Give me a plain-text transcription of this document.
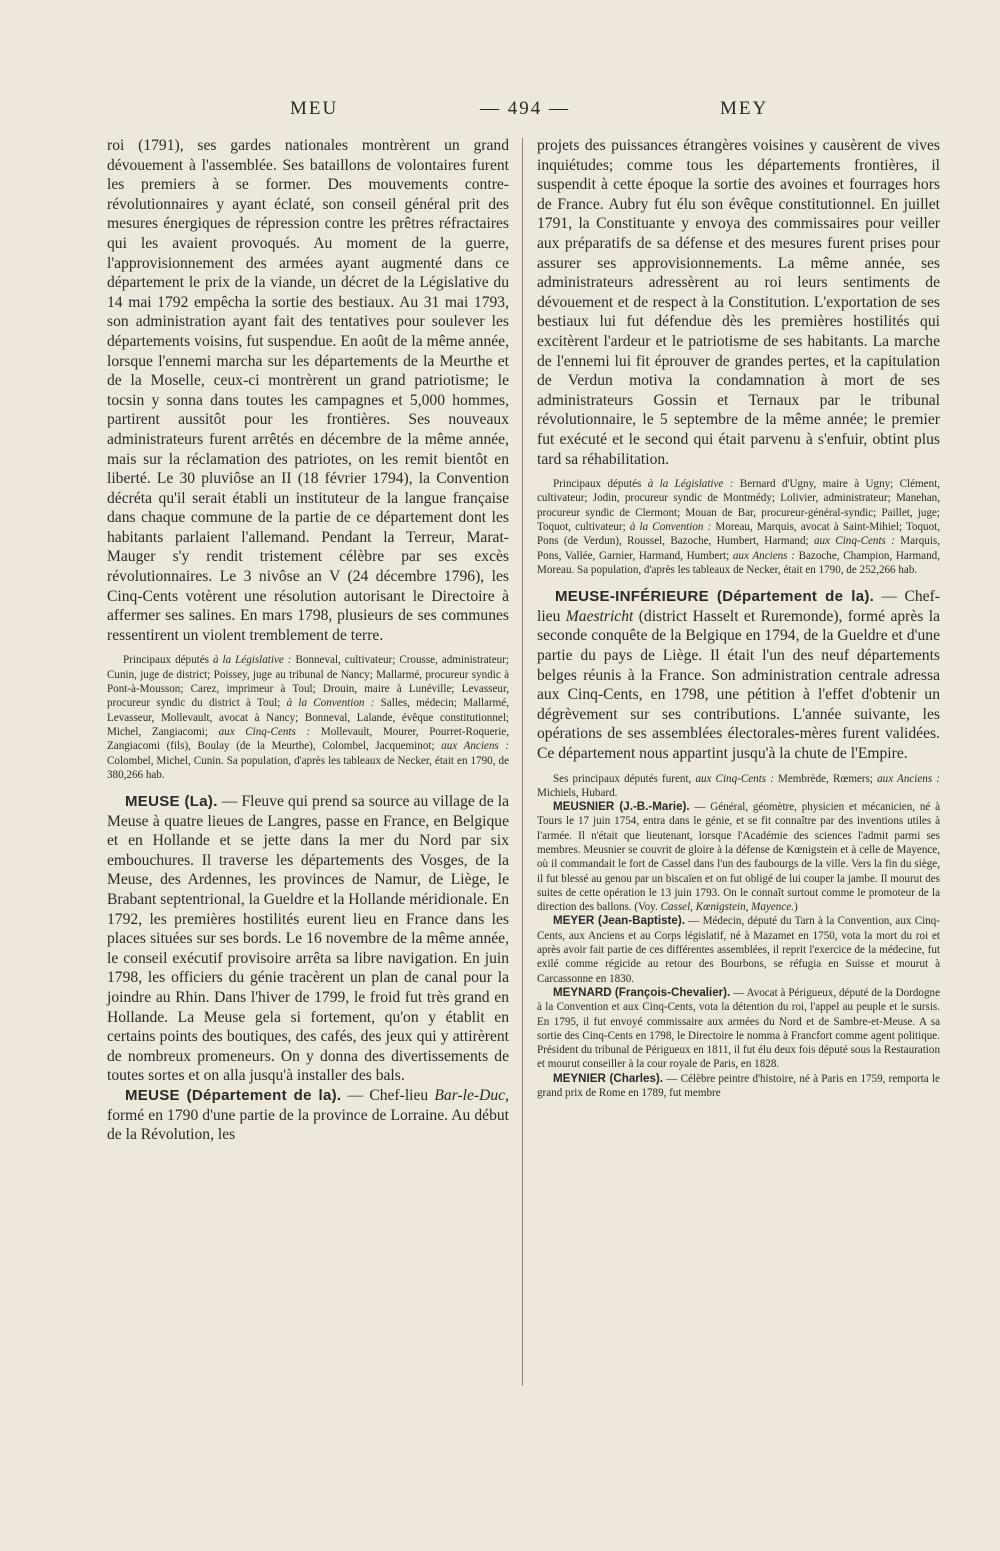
MEU	— 494 —	MEY

roi (1791), ses gardes nationales montrèrent un grand dévouement à l'assemblée. Ses bataillons de volontaires furent les premiers à se former. Des mouvements contre-révolutionnaires y ayant éclaté, son conseil général prit des mesures énergiques de répression contre les prêtres réfractaires qui les avaient provoqués. Au moment de la guerre, l'approvisionnement des armées ayant augmenté dans ce département le prix de la viande, un décret de la Législative du 14 mai 1792 empêcha la sortie des bestiaux. Au 31 mai 1793, son administration ayant fait des tentatives pour soulever les départements voisins, fut suspendue. En août de la même année, lorsque l'ennemi marcha sur les départements de la Meurthe et de la Moselle, ceux-ci montrèrent un grand patriotisme; le tocsin y sonna dans toutes les campagnes et 5,000 hommes, partirent aussitôt pour les frontières. Ses nouveaux administrateurs furent arrêtés en décembre de la même année, mais sur la réclamation des patriotes, on les remit bientôt en liberté. Le 30 pluviôse an II (18 février 1794), la Convention décréta qu'il serait établi un instituteur de la langue française dans chaque commune de la partie de ce département dont les habitants parlaient l'allemand. Pendant la Terreur, Marat-Mauger s'y rendit tristement célèbre par ses excès révolutionnaires. Le 3 nivôse an V (24 décembre 1796), les Cinq-Cents votèrent une résolution autorisant le Directoire à affermer ses salines. En mars 1798, plusieurs de ses communes ressentirent un violent tremblement de terre.

Principaux députés à la Législative : Bonneval, cultivateur; Crousse, administrateur; Cunin, juge de district; Poissey, juge au tribunal de Nancy; Mallarmé, procureur syndic à Pont-à-Mousson; Carez, imprimeur à Toul; Drouin, maire à Lunéville; Levasseur, procureur syndic du district à Toul; à la Convention : Salles, médecin; Mallarmé, Levasseur, Mollevault, avocat à Nancy; Bonneval, Lalande, évêque constitutionnel; Michel, Zangiacomi; aux Cinq-Cents : Mollevault, Mourer, Pourret-Roquerie, Zangiacomi (fils), Boulay (de la Meurthe), Colombel, Jacqueminot; aux Anciens : Colombel, Michel, Cunin. Sa population, d'après les tableaux de Necker, était en 1790, de 380,266 hab.

MEUSE (La). — Fleuve qui prend sa source au village de la Meuse à quatre lieues de Langres, passe en France, en Belgique et en Hollande et se jette dans la mer du Nord par six embouchures. Il traverse les départements des Vosges, de la Meuse, des Ardennes, les provinces de Namur, de Liège, le Brabant septentrional, la Gueldre et la Hollande méridionale. En 1792, les premières hostilités eurent lieu en France dans les places situées sur ses bords. Le 16 novembre de la même année, le conseil exécutif provisoire arrêta sa libre navigation. En juin 1798, les officiers du génie tracèrent un plan de canal pour la joindre au Rhin. Dans l'hiver de 1799, le froid fut très grand en Hollande. La Meuse gela si fortement, qu'on y établit en certains points des boutiques, des cafés, des jeux qui y attirèrent de nombreux promeneurs. On y donna des divertissements de toutes sortes et on alla jusqu'à installer des bals.

MEUSE (Département de la). — Chef-lieu Bar-le-Duc, formé en 1790 d'une partie de la province de Lorraine. Au début de la Révolution, les

projets des puissances étrangères voisines y causèrent de vives inquiétudes; comme tous les départements frontières, il suspendit à cette époque la sortie des avoines et fourrages hors de France. Aubry fut élu son évêque constitutionnel. En juillet 1791, la Constituante y envoya des commissaires pour veiller aux préparatifs de sa défense et des mesures furent prises pour assurer ses approvisionnements. La même année, ses administrateurs adressèrent au roi leurs sentiments de dévouement et de respect à la Constitution. L'exportation de ses bestiaux lui fut défendue dès les premières hostilités qui excitèrent l'ardeur et le patriotisme de ses habitants. La marche de l'ennemi lui fit éprouver de grandes pertes, et la capitulation de Verdun motiva la condamnation à mort de ses administrateurs Gossin et Ternaux par le tribunal révolutionnaire, le 5 septembre de la même année; le premier fut exécuté et le second qui était parvenu à s'enfuir, obtint plus tard sa réhabilitation.

Principaux députés à la Législative : Bernard d'Ugny, maire à Ugny; Clément, cultivateur; Jodin, procureur syndic de Montmédy; Lolivier, administrateur; Manehan, procureur syndic de Clermont; Mouan de Bar, procureur-général-syndic; Paillet, juge; Toquot, cultivateur; à la Convention : Moreau, Marquis, avocat à Saint-Mihiel; Toquot, Pons (de Verdun), Roussel, Bazoche, Humbert, Harmand; aux Cinq-Cents : Marquis, Pons, Vallée, Garnier, Harmand, Humbert; aux Anciens : Bazoche, Champion, Harmand, Moreau. Sa population, d'après les tableaux de Necker, était en 1790, de 252,266 hab.

MEUSE-INFÉRIEURE (Département de la). — Chef-lieu Maestricht (district Hasselt et Ruremonde), formé après la seconde conquête de la Belgique en 1794, de la Gueldre et d'une partie du pays de Liège. Il était l'un des neuf départements belges réunis à la France. Son administration centrale adressa aux Cinq-Cents, en 1798, une pétition à l'effet d'obtenir un dégrèvement sur ses contributions. L'année suivante, les opérations de ses assemblées électorales-mères furent validées. Ce département nous appartint jusqu'à la chute de l'Empire.

Ses principaux députés furent, aux Cinq-Cents : Membrède, Rœmers; aux Anciens : Michiels, Hubard.

MEUSNIER (J.-B.-Marie). — Général, géomètre, physicien et mécanicien, né à Tours le 17 juin 1754, entra dans le génie, et se fit connaître par des inventions utiles à l'armée. Il n'était que lieutenant, lorsque l'Académie des sciences l'admit parmi ses membres. Meusnier se couvrit de gloire à la défense de Kœnigstein et à celle de Mayence, où il commandait le fort de Cassel dans l'un des faubourgs de la ville. Vers la fin du siège, il fut blessé au genou par un biscaïen et on fut obligé de lui couper la jambe. Il mourut des suites de cette opération le 13 juin 1793. On le connaît surtout comme le promoteur de la direction des ballons. (Voy. Cassel, Kœnigstein, Mayence.)

MEYER (Jean-Baptiste). — Médecin, député du Tarn à la Convention, aux Cinq-Cents, aux Anciens et au Corps législatif, né à Mazamet en 1750, vota la mort du roi et après avoir fait partie de ces différentes assemblées, il reprit l'exercice de la médecine, fut exilé comme régicide au retour des Bourbons, se réfugia en Suisse et mourut à Carcassonne en 1830.

MEYNARD (François-Chevalier). — Avocat à Périgueux, député de la Dordogne à la Convention et aux Cinq-Cents, vota la détention du roi, l'appel au peuple et le sursis. En 1795, il fut envoyé commissaire aux armées du Nord et de Sambre-et-Meuse. A sa sortie des Cinq-Cents en 1798, le Directoire le nomma à Francfort comme agent politique. Président du tribunal de Périgueux en 1811, il fut élu deux fois député sous la Restauration et mourut conseiller à la cour royale de Paris, en 1828.

MEYNIER (Charles). — Célèbre peintre d'histoire, né à Paris en 1759, remporta le grand prix de Rome en 1789, fut membre
